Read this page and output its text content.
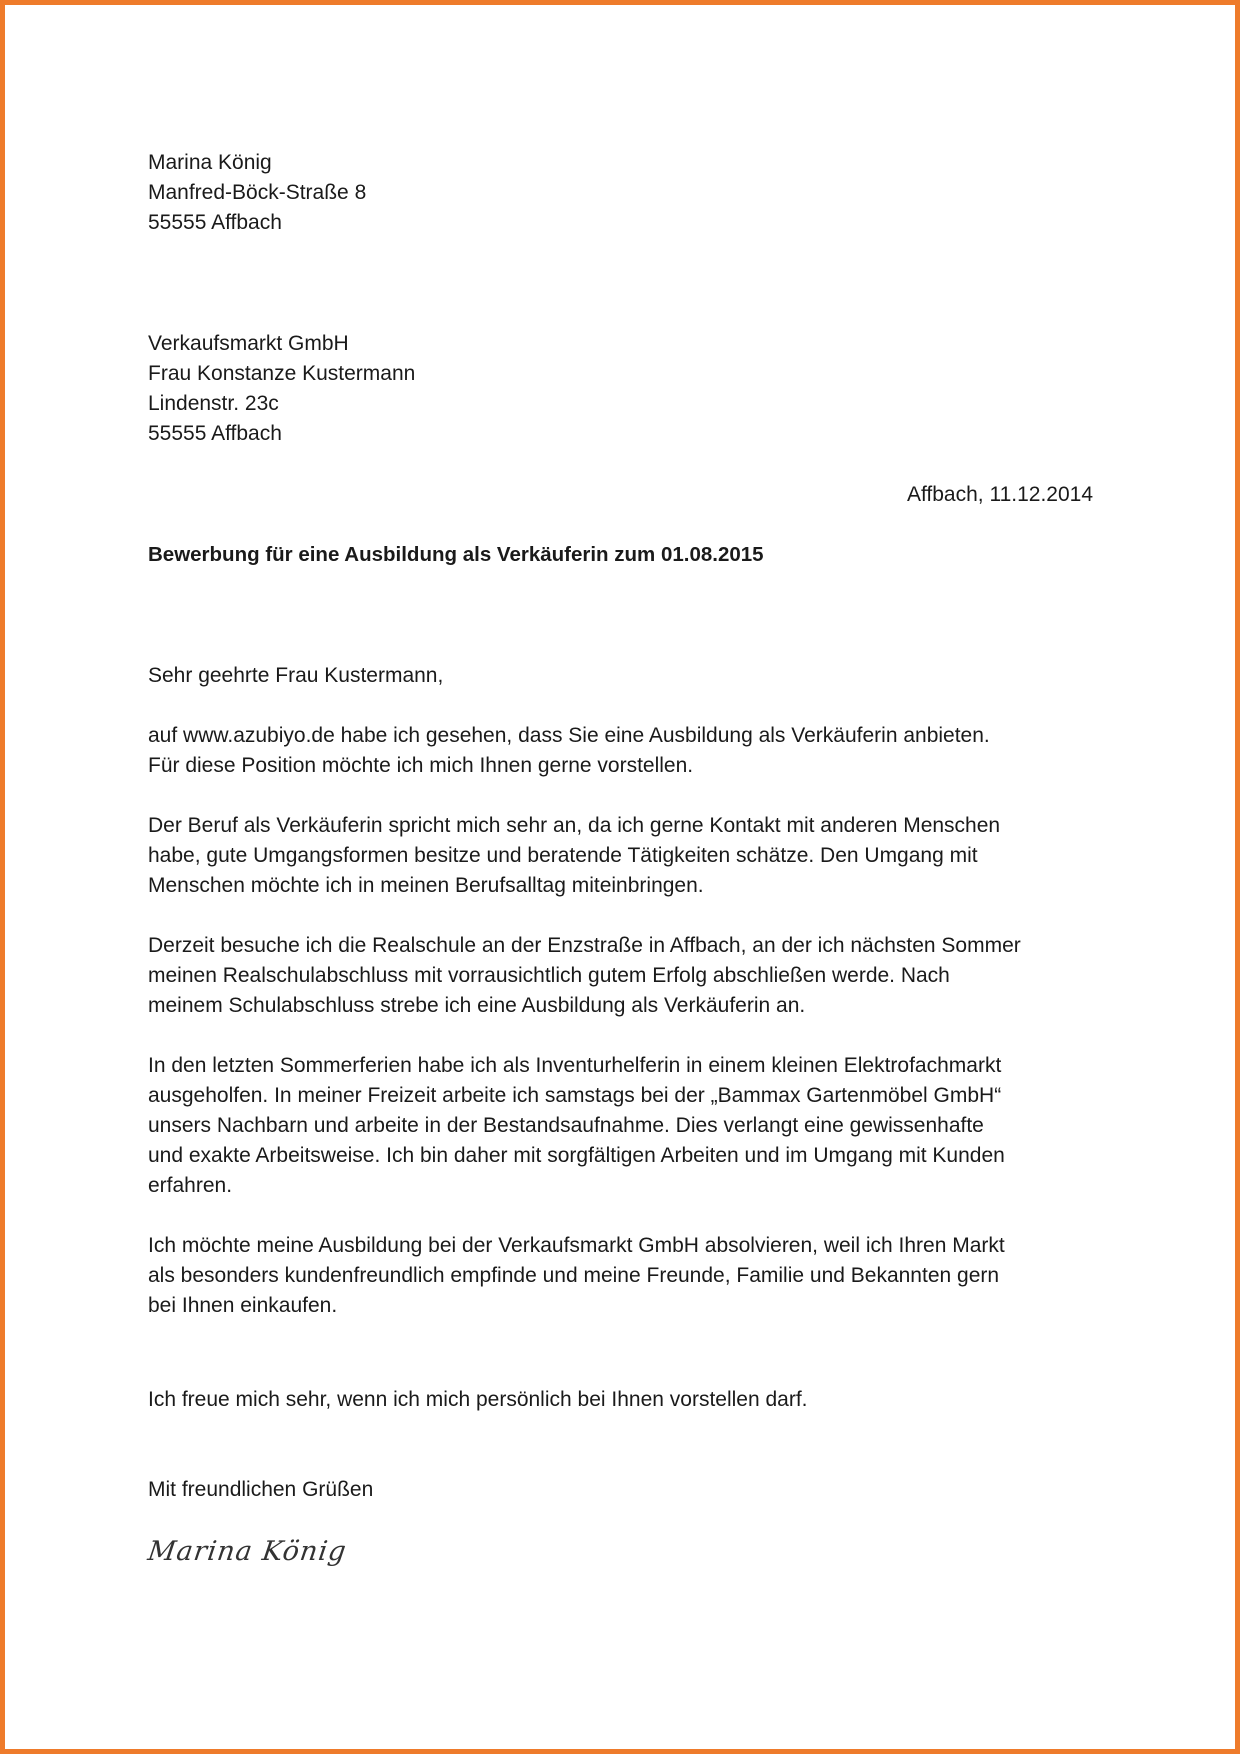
Marina König
Manfred-Böck-Straße 8
55555 Affbach
Verkaufsmarkt GmbH
Frau Konstanze Kustermann
Lindenstr. 23c
55555 Affbach
Affbach, 11.12.2014
Bewerbung für eine Ausbildung als Verkäuferin zum 01.08.2015
Sehr geehrte Frau Kustermann,
auf www.azubiyo.de habe ich gesehen, dass Sie eine Ausbildung als Verkäuferin anbieten.
Für diese Position möchte ich mich Ihnen gerne vorstellen.
Der Beruf als Verkäuferin spricht mich sehr an, da ich gerne Kontakt mit anderen Menschen
habe, gute Umgangsformen besitze und beratende Tätigkeiten schätze. Den Umgang mit
Menschen möchte ich in meinen Berufsalltag miteinbringen.
Derzeit besuche ich die Realschule an der Enzstraße in Affbach, an der ich nächsten Sommer
meinen Realschulabschluss mit vorrausichtlich gutem Erfolg abschließen werde. Nach
meinem Schulabschluss strebe ich eine Ausbildung als Verkäuferin an.
In den letzten Sommerferien habe ich als Inventurhelferin in einem kleinen Elektrofachmarkt
ausgeholfen. In meiner Freizeit arbeite ich samstags bei der „Bammax Gartenmöbel GmbH“
unsers Nachbarn und arbeite in der Bestandsaufnahme. Dies verlangt eine gewissenhafte
und exakte Arbeitsweise. Ich bin daher mit sorgfältigen Arbeiten und im Umgang mit Kunden
erfahren.
Ich möchte meine Ausbildung bei der Verkaufsmarkt GmbH absolvieren, weil ich Ihren Markt
als besonders kundenfreundlich empfinde und meine Freunde, Familie und Bekannten gern
bei Ihnen einkaufen.
Ich freue mich sehr, wenn ich mich persönlich bei Ihnen vorstellen darf.
Mit freundlichen Grüßen
Marina König
